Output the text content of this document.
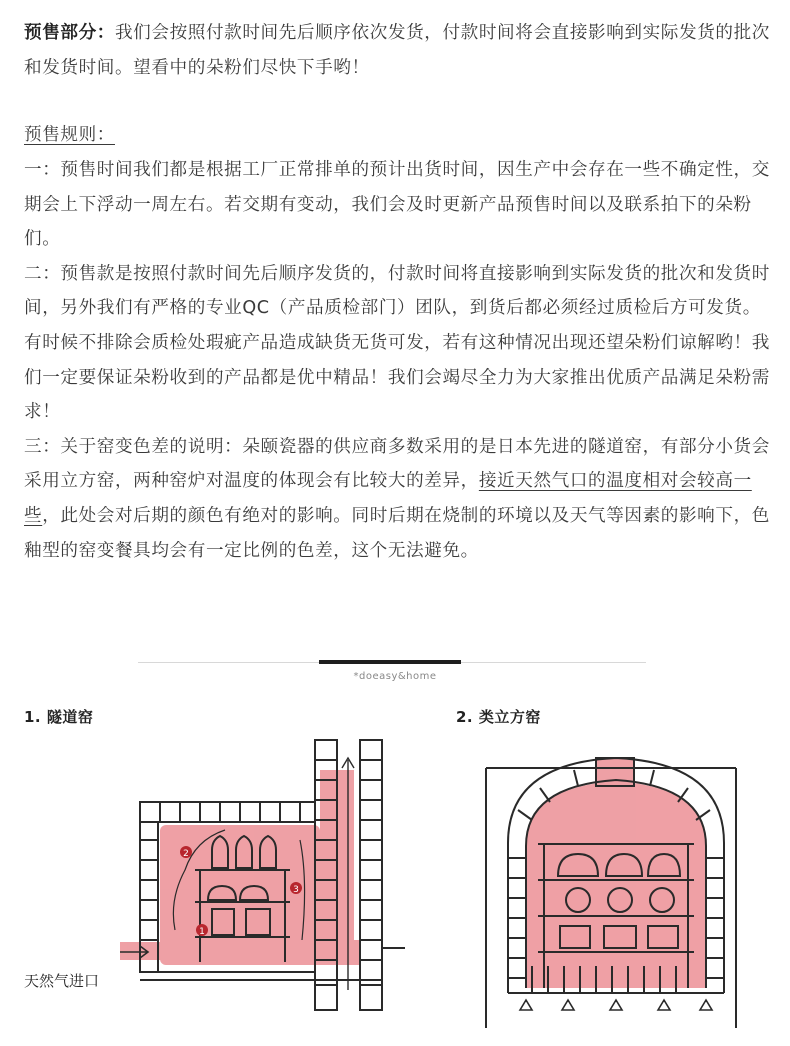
预售部分：我们会按照付款时间先后顺序依次发货，付款时间将会直接影响到实际发货的批次和发货时间。望看中的朵粉们尽快下手哟！

预售规则：

一：预售时间我们都是根据工厂正常排单的预计出货时间，因生产中会存在一些不确定性，交期会上下浮动一周左右。若交期有变动，我们会及时更新产品预售时间以及联系拍下的朵粉们。

二：预售款是按照付款时间先后顺序发货的，付款时间将直接影响到实际发货的批次和发货时间，另外我们有严格的专业QC（产品质检部门）团队，到货后都必须经过质检后方可发货。有时候不排除会质检处瑕疵产品造成缺货无货可发，若有这种情况出现还望朵粉们谅解哟！我们一定要保证朵粉收到的产品都是优中精品！我们会竭尽全力为大家推出优质产品满足朵粉需求！

三：关于窑变色差的说明：朵颐瓷器的供应商多数采用的是日本先进的隧道窑，有部分小货会采用立方窑，两种窑炉对温度的体现会有比较大的差异，接近天然气口的温度相对会较高一些，此处会对后期的颜色有绝对的影响。同时后期在烧制的环境以及天气等因素的影响下，色釉型的窑变餐具均会有一定比例的色差，这个无法避免。

*doeasy&home
1. 隧道窑	2. 类立方窑
1
2
3
天然气进口
